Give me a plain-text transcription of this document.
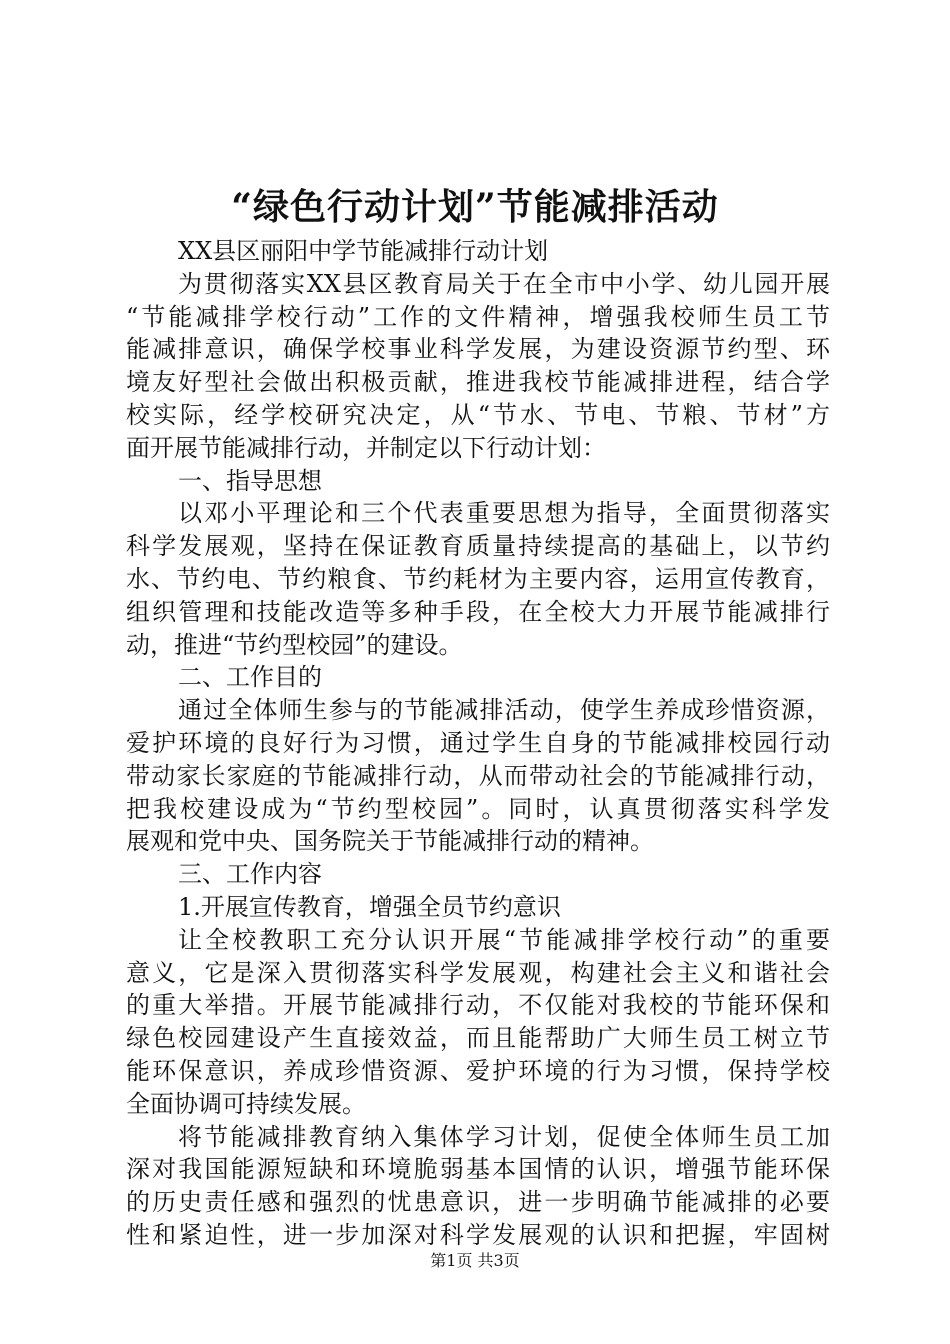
“绿色行动计划”节能减排活动
XX县区丽阳中学节能减排行动计划
为贯彻落实XX县区教育局关于在全市中小学、幼儿园开展
“节能减排学校行动”工作的文件精神，增强我校师生员工节
能减排意识，确保学校事业科学发展，为建设资源节约型、环
境友好型社会做出积极贡献，推进我校节能减排进程，结合学
校实际，经学校研究决定，从“节水、节电、节粮、节材”方
面开展节能减排行动，并制定以下行动计划：
一、指导思想
以邓小平理论和三个代表重要思想为指导，全面贯彻落实
科学发展观，坚持在保证教育质量持续提高的基础上，以节约
水、节约电、节约粮食、节约耗材为主要内容，运用宣传教育，
组织管理和技能改造等多种手段，在全校大力开展节能减排行
动，推进“节约型校园”的建设。
二、工作目的
通过全体师生参与的节能减排活动，使学生养成珍惜资源，
爱护环境的良好行为习惯，通过学生自身的节能减排校园行动
带动家长家庭的节能减排行动，从而带动社会的节能减排行动，
把我校建设成为“节约型校园”。同时，认真贯彻落实科学发
展观和党中央、国务院关于节能减排行动的精神。
三、工作内容
1.开展宣传教育，增强全员节约意识
让全校教职工充分认识开展“节能减排学校行动”的重要
意义，它是深入贯彻落实科学发展观，构建社会主义和谐社会
的重大举措。开展节能减排行动，不仅能对我校的节能环保和
绿色校园建设产生直接效益，而且能帮助广大师生员工树立节
能环保意识，养成珍惜资源、爱护环境的行为习惯，保持学校
全面协调可持续发展。
将节能减排教育纳入集体学习计划，促使全体师生员工加
深对我国能源短缺和环境脆弱基本国情的认识，增强节能环保
的历史责任感和强烈的忧患意识，进一步明确节能减排的必要
性和紧迫性，进一步加深对科学发展观的认识和把握，牢固树
第1页 共3页
